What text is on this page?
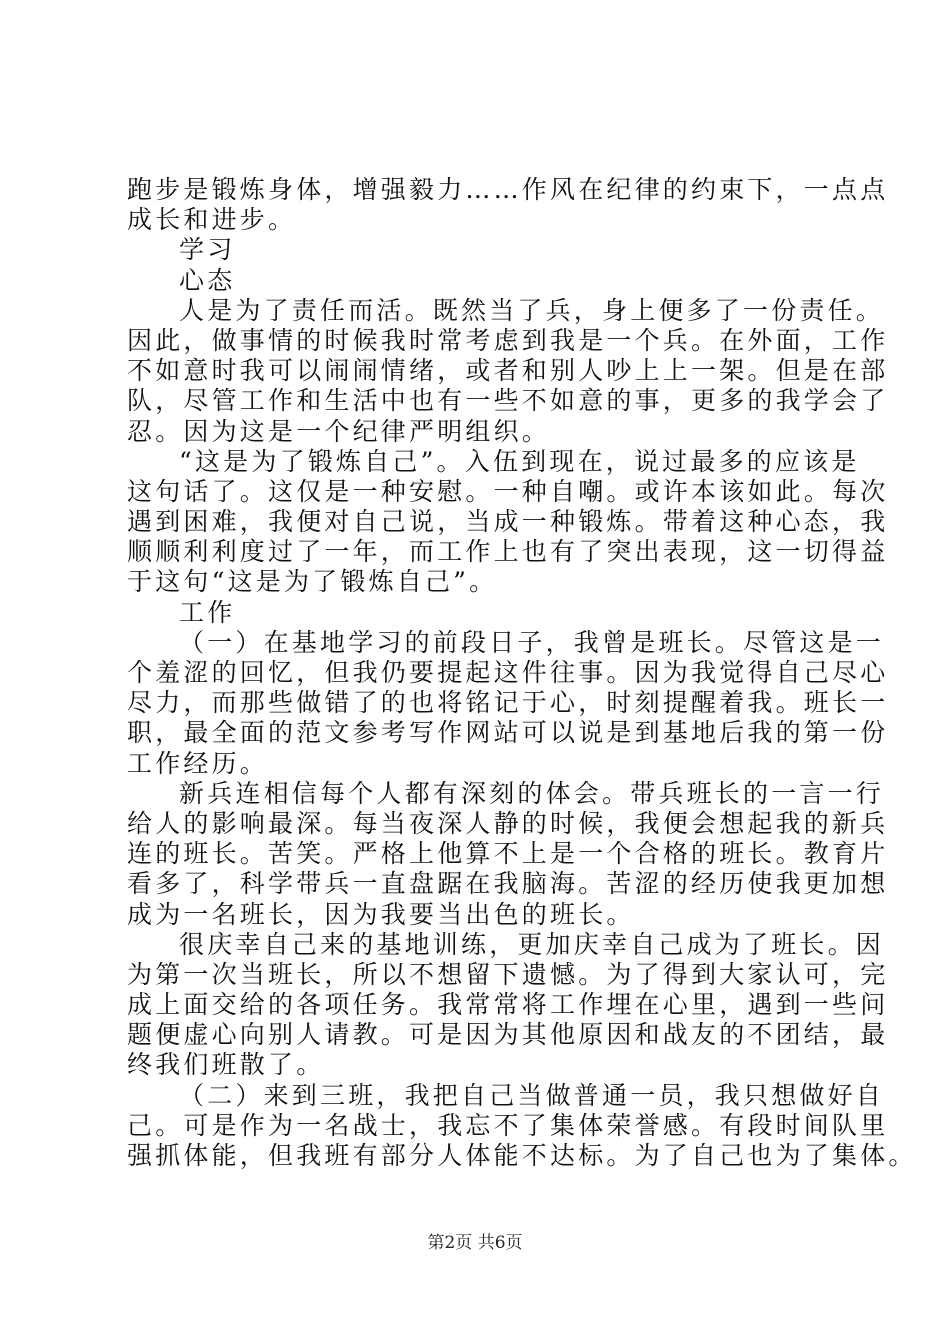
跑步是锻炼身体，增强毅力……作风在纪律的约束下，一点点
成长和进步。
学习
心态
人是为了责任而活。既然当了兵，身上便多了一份责任。
因此，做事情的时候我时常考虑到我是一个兵。在外面，工作
不如意时我可以闹闹情绪，或者和别人吵上上一架。但是在部
队，尽管工作和生活中也有一些不如意的事，更多的我学会了
忍。因为这是一个纪律严明组织。
“这是为了锻炼自己”。入伍到现在，说过最多的应该是
这句话了。这仅是一种安慰。一种自嘲。或许本该如此。每次
遇到困难，我便对自己说，当成一种锻炼。带着这种心态，我
顺顺利利度过了一年，而工作上也有了突出表现，这一切得益
于这句“这是为了锻炼自己”。
工作
（一）在基地学习的前段日子，我曾是班长。尽管这是一
个羞涩的回忆，但我仍要提起这件往事。因为我觉得自己尽心
尽力，而那些做错了的也将铭记于心，时刻提醒着我。班长一
职，最全面的范文参考写作网站可以说是到基地后我的第一份
工作经历。
新兵连相信每个人都有深刻的体会。带兵班长的一言一行
给人的影响最深。每当夜深人静的时候，我便会想起我的新兵
连的班长。苦笑。严格上他算不上是一个合格的班长。教育片
看多了，科学带兵一直盘踞在我脑海。苦涩的经历使我更加想
成为一名班长，因为我要当出色的班长。
很庆幸自己来的基地训练，更加庆幸自己成为了班长。因
为第一次当班长，所以不想留下遗憾。为了得到大家认可，完
成上面交给的各项任务。我常常将工作埋在心里，遇到一些问
题便虚心向别人请教。可是因为其他原因和战友的不团结，最
终我们班散了。
（二）来到三班，我把自己当做普通一员，我只想做好自
己。可是作为一名战士，我忘不了集体荣誉感。有段时间队里
强抓体能，但我班有部分人体能不达标。为了自己也为了集体。
第2页 共6页
